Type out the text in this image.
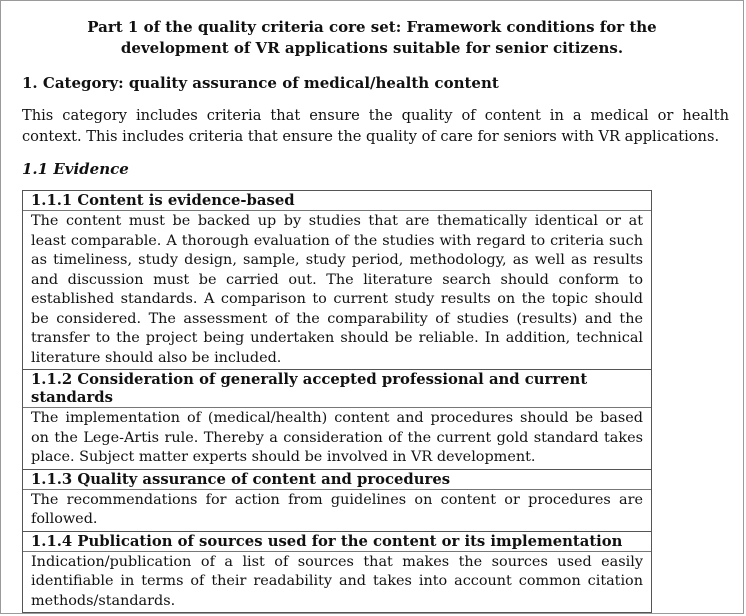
Part 1 of the quality criteria core set: Framework conditions for the development of VR applications suitable for senior citizens.
1. Category: quality assurance of medical/health content
This category includes criteria that ensure the quality of content in a medical or health context. This includes criteria that ensure the quality of care for seniors with VR applications.
1.1 Evidence
1.1.1 Content is evidence-based
The content must be backed up by studies that are thematically identical or at least comparable. A thorough evaluation of the studies with regard to criteria such as timeliness, study design, sample, study period, methodology, as well as results and discussion must be carried out. The literature search should conform to established standards. A comparison to current study results on the topic should be considered. The assessment of the comparability of studies (results) and the transfer to the project being undertaken should be reliable. In addition, technical literature should also be included.
1.1.2 Consideration of generally accepted professional and current standards
The implementation of (medical/health) content and procedures should be based on the Lege-Artis rule. Thereby a consideration of the current gold standard takes place. Subject matter experts should be involved in VR development.
1.1.3 Quality assurance of content and procedures
The recommendations for action from guidelines on content or procedures are followed.
1.1.4 Publication of sources used for the content or its implementation
Indication/publication of a list of sources that makes the sources used easily identifiable in terms of their readability and takes into account common citation methods/standards.
